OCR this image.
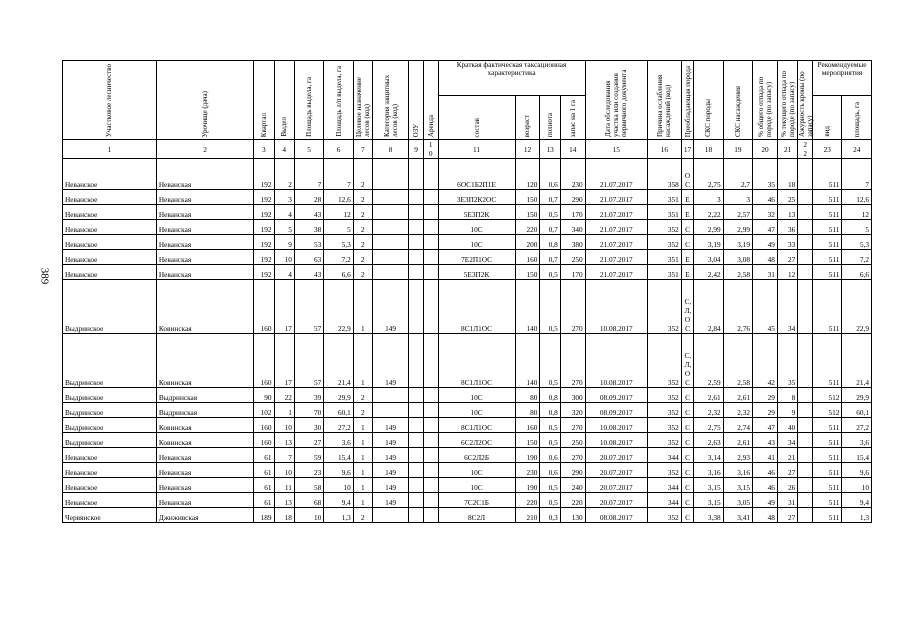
389
Участковое лесничество	Урочище (дача)	Квартал	Выдел	Площадь выдела, га	Площадь л/п выдела, га	Целевое назначение лесов (код)	Категория защитных лесов (код)	ОЗУ	Аренда	Краткая фактическая таксационная характеристика				Дата обследования участка или создания первичного документа	Причина ослабления насаждений (код)	Преобладающая порода	СКС породы	СКС насаждения	% общего отпада по породе (по запасу)	% текущего отпада по породе (по запасу)	Ажурность кроны (по запасу)	Рекомендуемые мероприятия	

										состав	возраст	полнота	запас на 1 га									вид	площадь, га
1	2	3	4	5	6	7	8	9	10	11	12	13	14	15	16	17	18	19	20	21	22	23	24
Неванское	Неванская	192	2	7	7	2				6ОС1Б2П1Е	120	0,6	230	21.07.2017	358	ОС	2,75	2,7	35	18		511	7
Неванское	Неванская	192	3	28	12,6	2				3Е3П2К2ОС	150	0,7	290	21.07.2017	351	Е	3	3	46	25		511	12,6
Неванское	Неванская	192	4	43	12	2				5Е3П2К	150	0,5	170	21.07.2017	351	Е	2,22	2,57	32	13		511	12
Неванское	Неванская	192	5	38	5	2				10С	220	0,7	340	21.07.2017	352	С	2,99	2,99	47	36		511	5
Неванское	Неванская	192	9	53	5,3	2				10С	200	0,8	380	21.07.2017	352	С	3,19	3,19	49	33		511	5,3
Неванское	Неванская	192	10	63	7,2	2				7Е2П1ОС	160	0,7	250	21.07.2017	351	Е	3,04	3,08	48	27		511	7,2
Неванское	Неванская	192	4	43	6,6	2				5Е3П2К	150	0,5	170	21.07.2017	351	Е	2,42	2,58	31	12		511	6,6
Выдринское	Ковинская	160	17	57	22,9	1	149			8С1Л1ОС	140	0,5	270	10.08.2017	352	С,Л,ОС	2,84	2,76	45	34		511	22,9
Выдринское	Ковинская	160	17	57	21,4	1	149			8С1Л1ОС	140	0,5	270	10.08.2017	352	С,Л,ОС	2,59	2,58	42	35		511	21,4
Выдринское	Выдринская	90	22	39	29,9	2				10С	80	0,8	300	08.09.2017	352	С	2,61	2,61	29	8		512	29,9
Выдринское	Выдринская	102	1	70	60,1	2				10С	80	0,8	320	08.09.2017	352	С	2,32	2,32	29	9		512	60,1
Выдринское	Ковинская	160	10	30	27,2	1	149			8С1Л1ОС	160	0,5	270	10.08.2017	352	С	2,75	2,74	47	40		511	27,2
Выдринское	Ковинская	160	13	27	3,6	1	149			6С2Л2ОС	150	0,5	250	10.08.2017	352	С	2,63	2,61	43	34		511	3,6
Неванское	Неванская	61	7	59	15,4	1	149			6С2Л2Б	190	0,6	270	20.07.2017	344	С	3,14	2,93	41	21		511	15,4
Неванское	Неванская	61	10	23	9,6	1	149			10С	230	0,6	290	20.07.2017	352	С	3,16	3,16	46	27		511	9,6
Неванское	Неванская	61	11	58	10	1	149			10С	190	0,5	240	20.07.2017	344	С	3,15	3,15	46	26		511	10
Неванское	Неванская	61	13	68	9,4	1	149			7С2С1Б	220	0,5	220	20.07.2017	344	С	3,15	3,05	49	31		511	9,4
Червянское	Джиживская	189	18	10	1,3	2				8С2Л	210	0,3	130	08.08.2017	352	С	3,38	3,41	48	27		511	1,3
